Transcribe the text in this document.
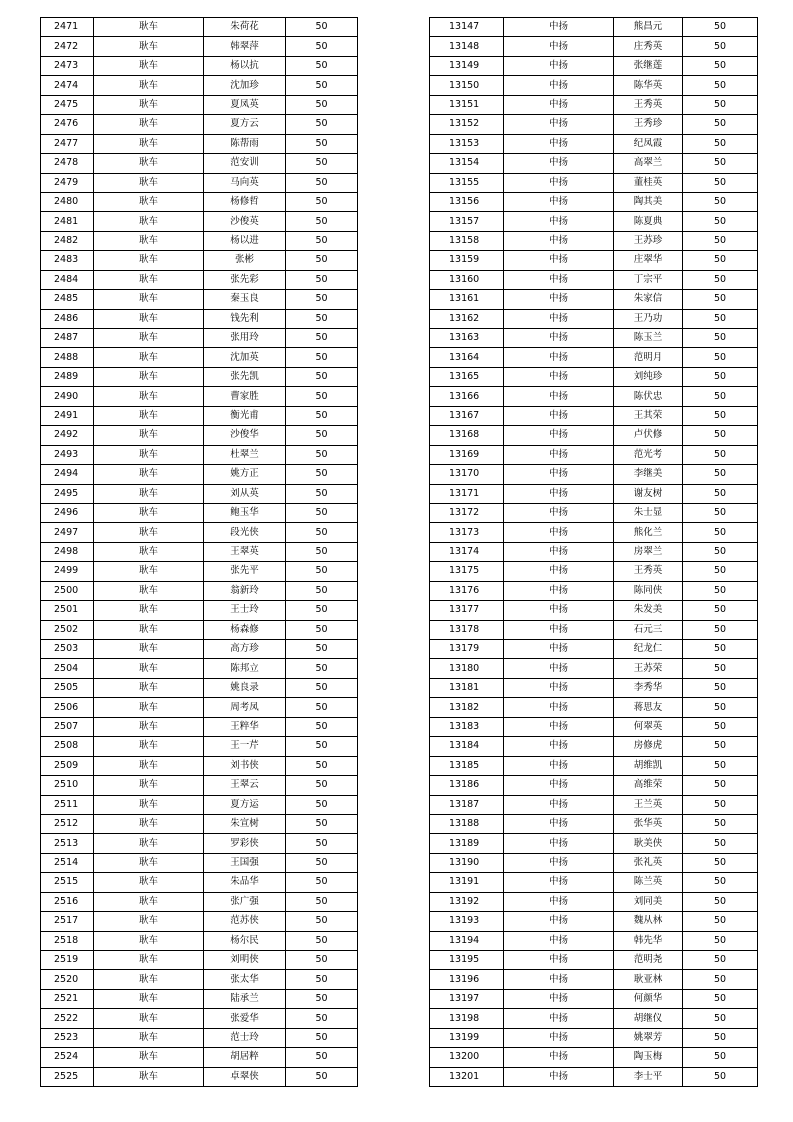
2471	耿车	朱荷花	50
2472	耿车	韩翠萍	50
2473	耿车	杨以抗	50
2474	耿车	沈加珍	50
2475	耿车	夏凤英	50
2476	耿车	夏方云	50
2477	耿车	陈帮雨	50
2478	耿车	范安训	50
2479	耿车	马向英	50
2480	耿车	杨修哲	50
2481	耿车	沙俊英	50
2482	耿车	杨以进	50
2483	耿车	张彬	50
2484	耿车	张先彩	50
2485	耿车	秦玉良	50
2486	耿车	钱先利	50
2487	耿车	张用玲	50
2488	耿车	沈加英	50
2489	耿车	张先凯	50
2490	耿车	曹家胜	50
2491	耿车	衡光甫	50
2492	耿车	沙俊华	50
2493	耿车	杜翠兰	50
2494	耿车	姚方正	50
2495	耿车	刘从英	50
2496	耿车	鲍玉华	50
2497	耿车	段光侠	50
2498	耿车	王翠英	50
2499	耿车	张先平	50
2500	耿车	翁新玲	50
2501	耿车	王士玲	50
2502	耿车	杨森修	50
2503	耿车	高方珍	50
2504	耿车	陈邦立	50
2505	耿车	姚良录	50
2506	耿车	周考凤	50
2507	耿车	王粹华	50
2508	耿车	王一芹	50
2509	耿车	刘书侠	50
2510	耿车	王翠云	50
2511	耿车	夏方运	50
2512	耿车	朱宣树	50
2513	耿车	罗彩侠	50
2514	耿车	王国强	50
2515	耿车	朱品华	50
2516	耿车	张广强	50
2517	耿车	范苏侠	50
2518	耿车	杨尔民	50
2519	耿车	刘明侠	50
2520	耿车	张太华	50
2521	耿车	陆承兰	50
2522	耿车	张爱华	50
2523	耿车	范士玲	50
2524	耿车	胡居粹	50
2525	耿车	卓翠侠	50
13147	中扬	熊昌元	50
13148	中扬	庄秀英	50
13149	中扬	张继莲	50
13150	中扬	陈华英	50
13151	中扬	王秀英	50
13152	中扬	王秀珍	50
13153	中扬	纪凤霞	50
13154	中扬	高翠兰	50
13155	中扬	董桂英	50
13156	中扬	陶其美	50
13157	中扬	陈夏典	50
13158	中扬	王苏珍	50
13159	中扬	庄翠华	50
13160	中扬	丁宗平	50
13161	中扬	朱家信	50
13162	中扬	王乃功	50
13163	中扬	陈玉兰	50
13164	中扬	范明月	50
13165	中扬	刘纯珍	50
13166	中扬	陈伏忠	50
13167	中扬	王其荣	50
13168	中扬	卢伏修	50
13169	中扬	范光考	50
13170	中扬	李继美	50
13171	中扬	谢友树	50
13172	中扬	朱士显	50
13173	中扬	熊化兰	50
13174	中扬	房翠兰	50
13175	中扬	王秀英	50
13176	中扬	陈同侠	50
13177	中扬	朱发美	50
13178	中扬	石元三	50
13179	中扬	纪龙仁	50
13180	中扬	王苏荣	50
13181	中扬	李秀华	50
13182	中扬	蒋思友	50
13183	中扬	何翠英	50
13184	中扬	房修虎	50
13185	中扬	胡维凯	50
13186	中扬	高维荣	50
13187	中扬	王兰英	50
13188	中扬	张华英	50
13189	中扬	耿美侠	50
13190	中扬	张礼英	50
13191	中扬	陈兰英	50
13192	中扬	刘同美	50
13193	中扬	魏从林	50
13194	中扬	韩先华	50
13195	中扬	范明尧	50
13196	中扬	耿亚林	50
13197	中扬	何颜华	50
13198	中扬	胡继仪	50
13199	中扬	姚翠芳	50
13200	中扬	陶玉梅	50
13201	中扬	李士平	50
